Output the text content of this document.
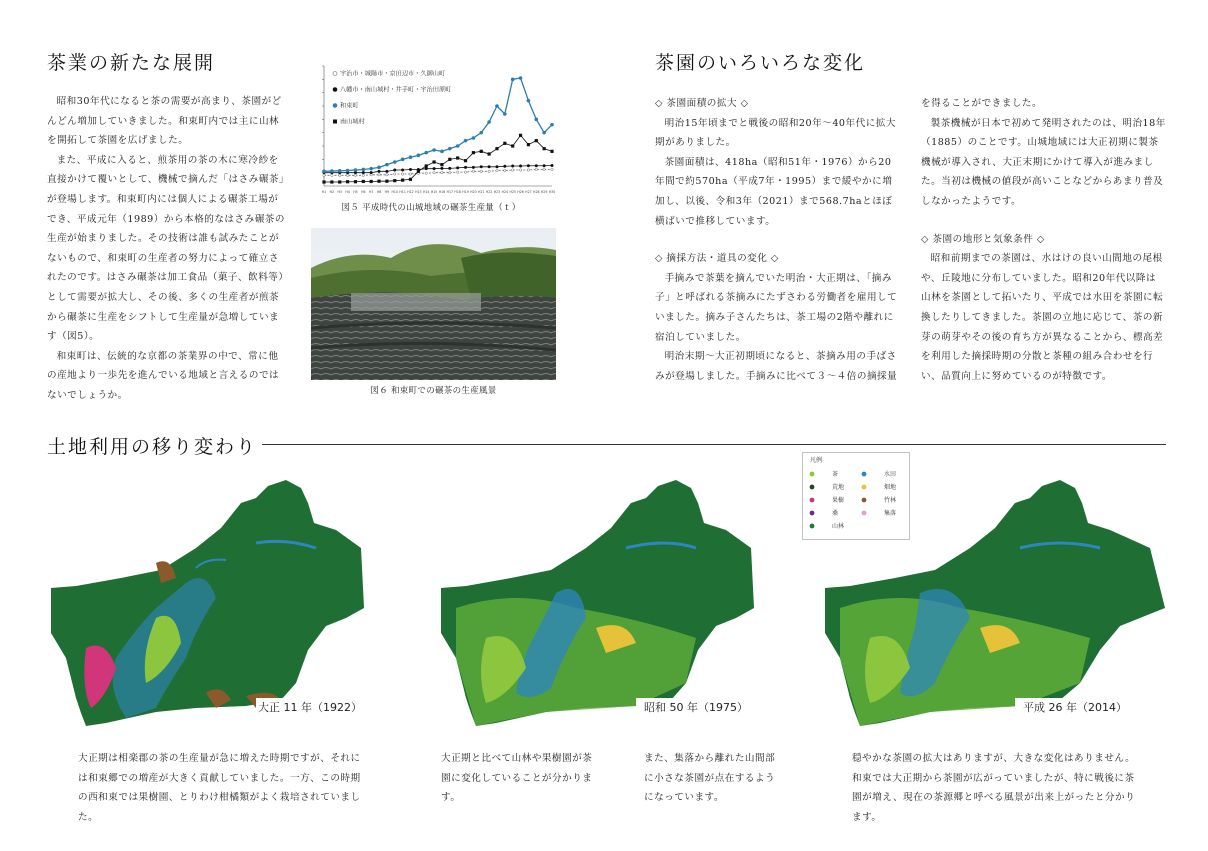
茶業の新たな展開

昭和30年代になると茶の需要が高まり、茶園がどんどん増加していきました。和束町内では主に山林を開拓して茶園を広げました。

また、平成に入ると、煎茶用の茶の木に寒冷紗を直接かけて覆いとして、機械で摘んだ「はさみ碾茶」が登場します。和束町内には個人による碾茶工場ができ、平成元年（1989）から本格的なはさみ碾茶の生産が始まりました。その技術は誰も試みたことがないもので、和束町の生産者の努力によって確立されたのです。はさみ碾茶は加工食品（菓子、飲料等）として需要が拡大し、その後、多くの生産者が煎茶から碾茶に生産をシフトして生産量が急増しています（図5）。

和束町は、伝統的な京都の茶業界の中で、常に他の産地より一歩先を進んでいる地域と言えるのではないでしょうか。

H1 H2 H3 H4 H5 H6 H7 H8 H9 H10 H11 H12 H13 H14 H15 H16 H17 H18 H19 H20 H21 H22 H23 H24 H25 H26 H27 H28 H29 H30
宇治市・城陽市・京田辺市・久御山町
八幡市・南山城村・井手町・宇治田原町
和束町
南山城村
図５ 平成時代の山城地域の碾茶生産量（ｔ）
図６ 和束町での碾茶の生産風景
茶園のいろいろな変化

◇ 茶園面積の拡大 ◇

明治15年頃までと戦後の昭和20年～40年代に拡大期がありました。

茶園面積は、418ha（昭和51年・1976）から20年間で約570ha（平成7年・1995）まで緩やかに増加し、以後、令和3年（2021）まで568.7haとほぼ横ばいで推移しています。

◇ 摘採方法・道具の変化 ◇

手摘みで茶葉を摘んでいた明治・大正期は、「摘み子」と呼ばれる茶摘みにたずさわる労働者を雇用していました。摘み子さんたちは、茶工場の2階や離れに宿泊していました。

明治末期～大正初期頃になると、茶摘み用の手ばさみが登場しました。手摘みに比べて３～４倍の摘採量

を得ることができました。

製茶機械が日本で初めて発明されたのは、明治18年（1885）のことです。山城地域には大正初期に製茶機械が導入され、大正末期にかけて導入が進みました。当初は機械の値段が高いことなどからあまり普及しなかったようです。

◇ 茶園の地形と気象条件 ◇

昭和前期までの茶園は、水はけの良い山間地の尾根や、丘陵地に分布していました。昭和20年代以降は山林を茶園として拓いたり、平成では水田を茶園に転換したりしてきました。茶園の立地に応じて、茶の新芽の萌芽やその後の育ち方が異なることから、標高差を利用した摘採時期の分散と茶種の組み合わせを行い、品質向上に努めているのが特徴です。

土地利用の移り変わり
凡例
茶	水田
荒地	畑地
果樹	竹林
桑	集落
山林
大正 11 年（1922）	昭和 50 年（1975）	平成 26 年（2014）
大正期は相楽郡の茶の生産量が急に増えた時期ですが、それには和束郷での増産が大きく貢献していました。一方、この時期の西和束では果樹園、とりわけ柑橘類がよく栽培されていました。
大正期と比べて山林や果樹園が茶園に変化していることが分かります。
また、集落から離れた山間部に小さな茶園が点在するようになっています。
穏やかな茶園の拡大はありますが、大きな変化はありません。和束では大正期から茶園が広がっていましたが、特に戦後に茶園が増え、現在の茶源郷と呼べる風景が出来上がったと分かります。
